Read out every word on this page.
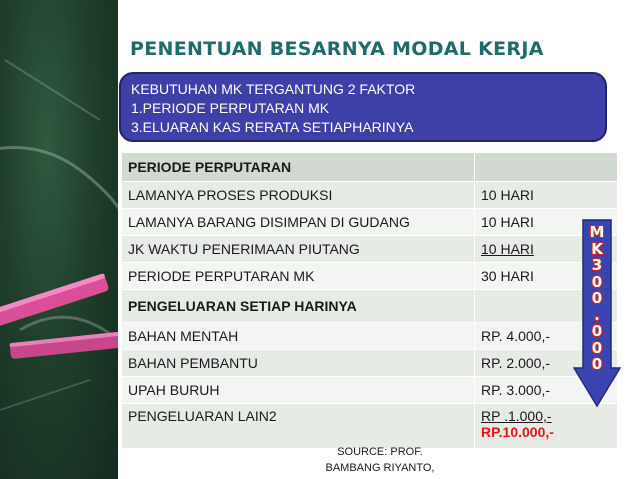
PENENTUAN BESARNYA MODAL KERJA
KEBUTUHAN MK TERGANTUNG 2 FAKTOR
1.PERIODE PERPUTARAN MK
3.ELUARAN KAS RERATA SETIAPHARINYA
PERIODE PERPUTARAN	
LAMANYA PROSES PRODUKSI	10 HARI
LAMANYA BARANG DISIMPAN DI GUDANG	10 HARI
JK WAKTU PENERIMAAN PIUTANG	10 HARI
PERIODE PERPUTARAN MK	30 HARI
PENGELUARAN SETIAP HARINYA	
BAHAN MENTAH	RP. 4.000,-
BAHAN PEMBANTU	RP. 2.000,-
UPAH BURUH	RP. 3.000,-
PENGELUARAN LAIN2	RP .1.000,-
RP.10.000,-
M
K
3
0
0
.
0
0
0
SOURCE: PROF.
BAMBANG RIYANTO,
